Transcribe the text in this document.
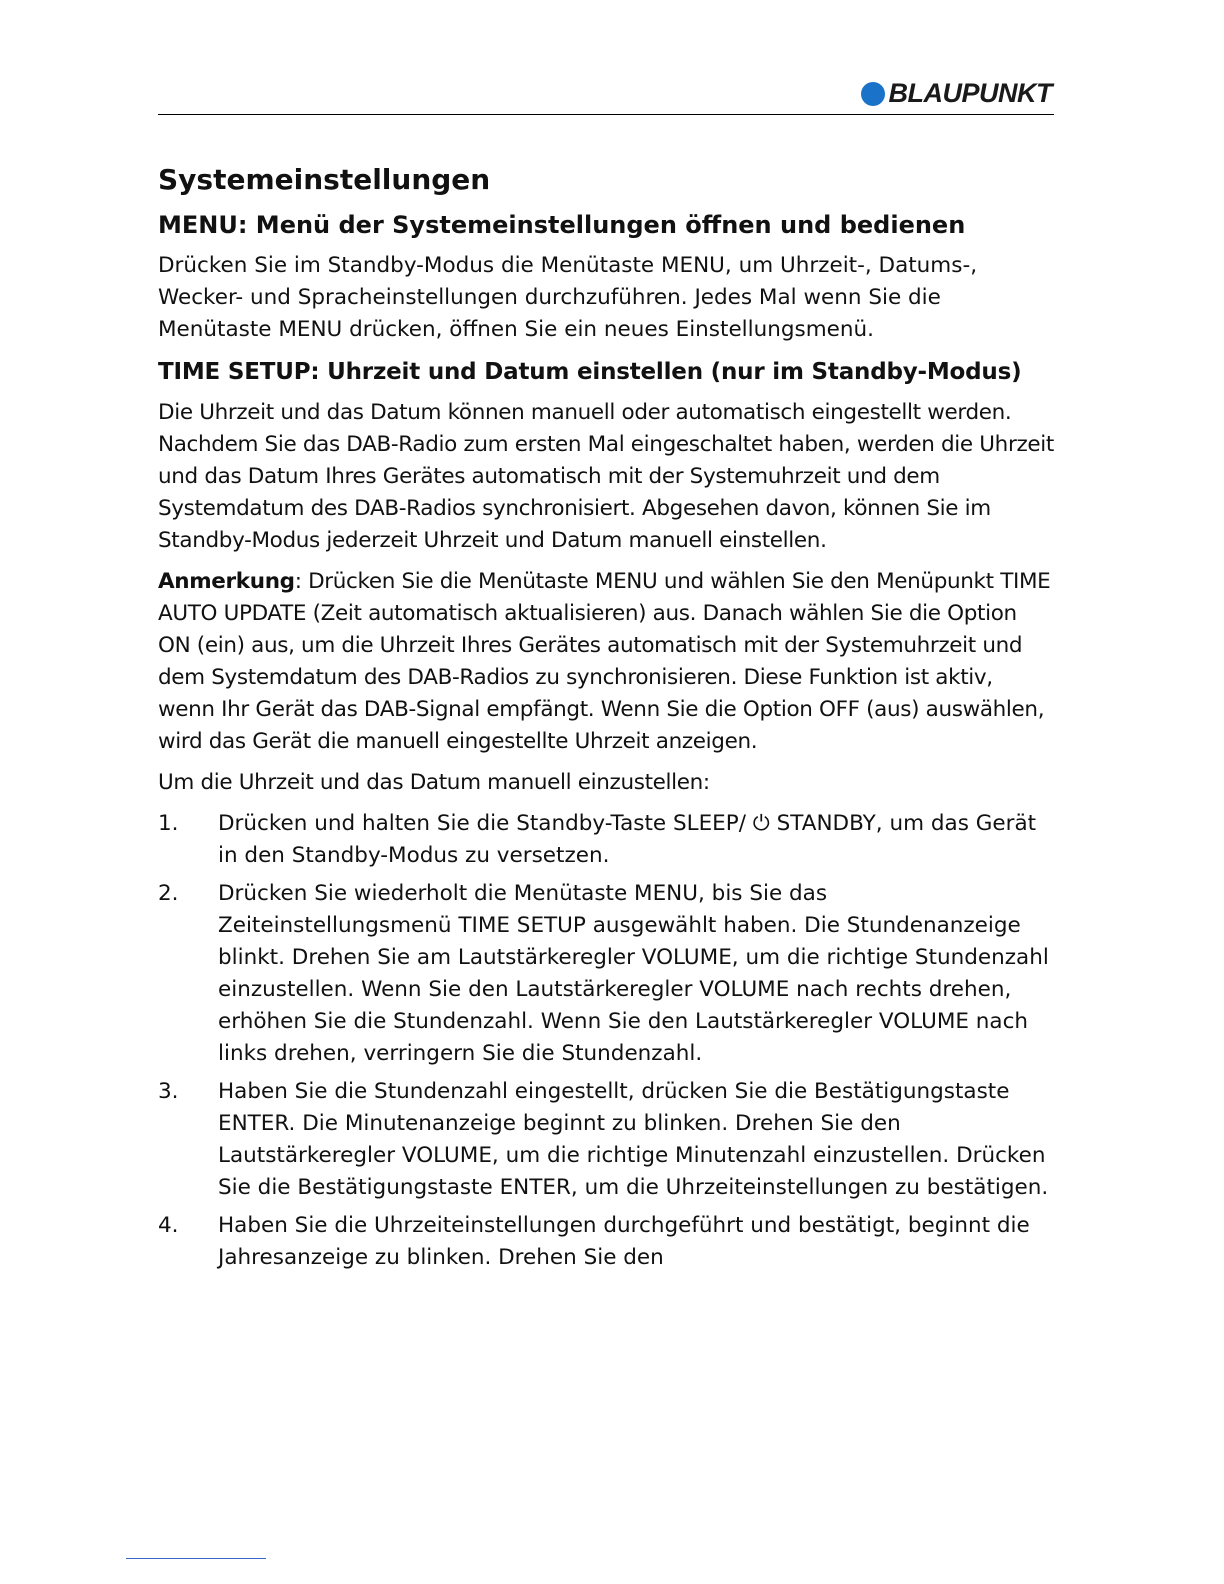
BLAUPUNKT
Systemeinstellungen
MENU: Menü der Systemeinstellungen öffnen und bedienen

Drücken Sie im Standby-Modus die Menütaste MENU, um Uhrzeit-, Datums-, Wecker- und Spracheinstellungen durchzuführen. Jedes Mal wenn Sie die Menütaste MENU drücken, öffnen Sie ein neues Einstellungsmenü.

TIME SETUP: Uhrzeit und Datum einstellen (nur im Standby-Modus)

Die Uhrzeit und das Datum können manuell oder automatisch eingestellt werden. Nachdem Sie das DAB-Radio zum ersten Mal eingeschaltet haben, werden die Uhrzeit und das Datum Ihres Gerätes automatisch mit der Systemuhrzeit und dem Systemdatum des DAB-Radios synchronisiert. Abgesehen davon, können Sie im Standby-Modus jederzeit Uhrzeit und Datum manuell einstellen.

Anmerkung: Drücken Sie die Menütaste MENU und wählen Sie den Menüpunkt TIME AUTO UPDATE (Zeit automatisch aktualisieren) aus. Danach wählen Sie die Option ON (ein) aus, um die Uhrzeit Ihres Gerätes automatisch mit der Systemuhrzeit und dem Systemdatum des DAB-Radios zu synchronisieren. Diese Funktion ist aktiv, wenn Ihr Gerät das DAB-Signal empfängt. Wenn Sie die Option OFF (aus) auswählen, wird das Gerät die manuell eingestellte Uhrzeit anzeigen.

Um die Uhrzeit und das Datum manuell einzustellen:

1.	Drücken und halten Sie die Standby-Taste SLEEP/ ⏻ STANDBY, um das Gerät in den Standby-Modus zu versetzen.
2.	Drücken Sie wiederholt die Menütaste MENU, bis Sie das Zeiteinstellungsmenü TIME SETUP ausgewählt haben. Die Stundenanzeige blinkt. Drehen Sie am Lautstärkeregler VOLUME, um die richtige Stundenzahl einzustellen. Wenn Sie den Lautstärkeregler VOLUME nach rechts drehen, erhöhen Sie die Stundenzahl. Wenn Sie den Lautstärkeregler VOLUME nach links drehen, verringern Sie die Stundenzahl.
3.	Haben Sie die Stundenzahl eingestellt, drücken Sie die Bestätigungstaste ENTER. Die Minutenanzeige beginnt zu blinken. Drehen Sie den Lautstärkeregler VOLUME, um die richtige Minutenzahl einzustellen. Drücken Sie die Bestätigungstaste ENTER, um die Uhrzeiteinstellungen zu bestätigen.
4.	Haben Sie die Uhrzeiteinstellungen durchgeführt und bestätigt, beginnt die Jahresanzeige zu blinken. Drehen Sie den
